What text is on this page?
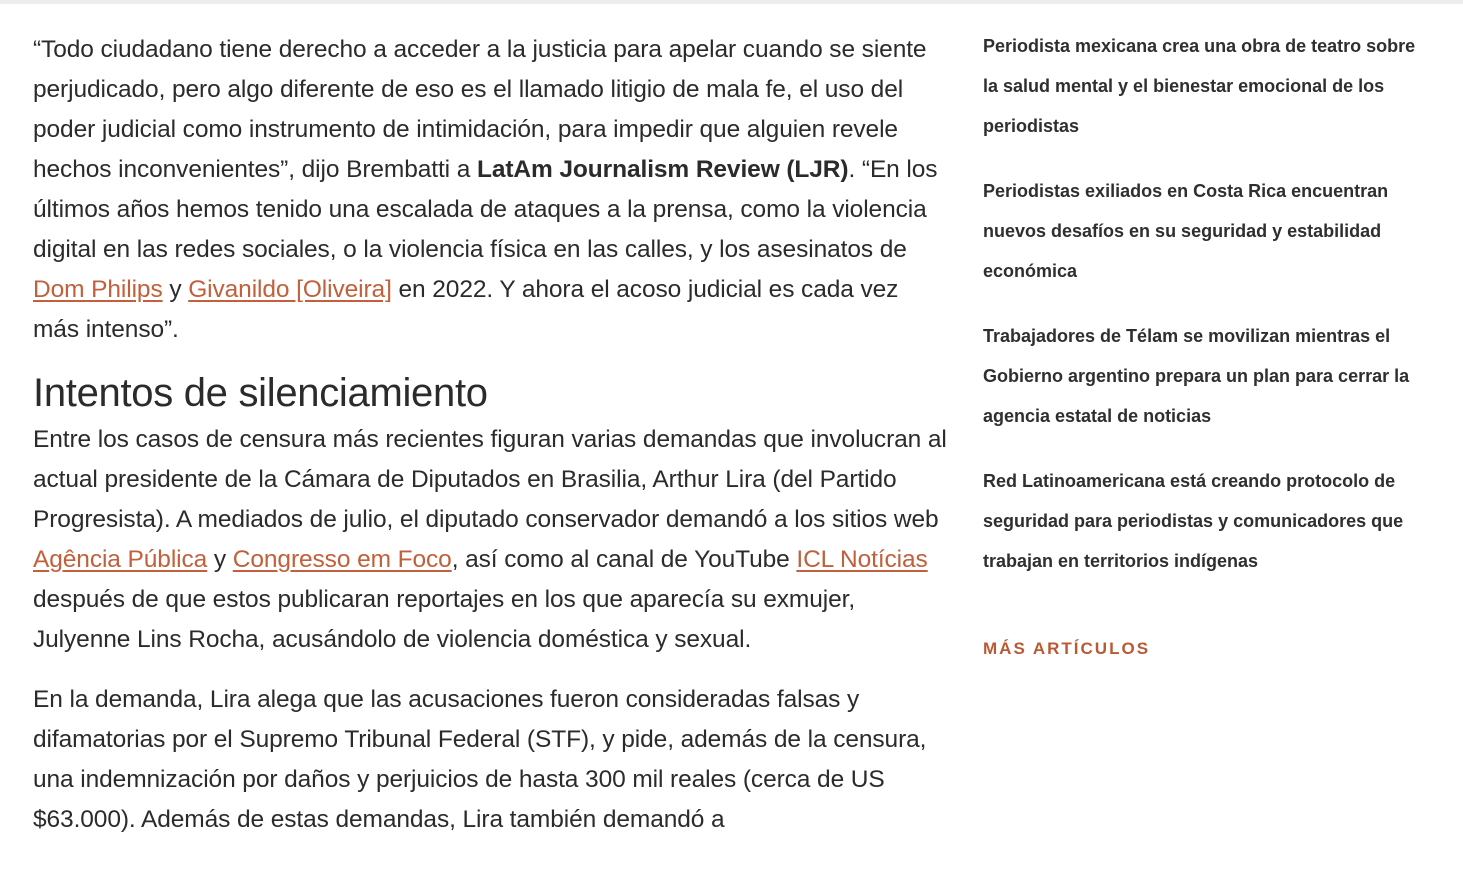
“Todo ciudadano tiene derecho a acceder a la justicia para apelar cuando se siente perjudicado, pero algo diferente de eso es el llamado litigio de mala fe, el uso del poder judicial como instrumento de intimidación, para impedir que alguien revele hechos inconvenientes”, dijo Brembatti a LatAm Journalism Review (LJR). “En los últimos años hemos tenido una escalada de ataques a la prensa, como la violencia digital en las redes sociales, o la violencia física en las calles, y los asesinatos de Dom Philips y Givanildo [Oliveira] en 2022. Y ahora el acoso judicial es cada vez más intenso”.

Intentos de silenciamiento

Entre los casos de censura más recientes figuran varias demandas que involucran al actual presidente de la Cámara de Diputados en Brasilia, Arthur Lira (del Partido Progresista). A mediados de julio, el diputado conservador demandó a los sitios web Agência Pública y Congresso em Foco, así como al canal de YouTube ICL Notícias después de que estos publicaran reportajes en los que aparecía su exmujer, Julyenne Lins Rocha, acusándolo de violencia doméstica y sexual.

En la demanda, Lira alega que las acusaciones fueron consideradas falsas y difamatorias por el Supremo Tribunal Federal (STF), y pide, además de la censura, una indemnización por daños y perjuicios de hasta 300 mil reales (cerca de US $63.000). Además de estas demandas, Lira también demandó a

Periodista mexicana crea una obra de teatro sobre la salud mental y el bienestar emocional de los periodistas
Periodistas exiliados en Costa Rica encuentran nuevos desafíos en su seguridad y estabilidad económica
Trabajadores de Télam se movilizan mientras el Gobierno argentino prepara un plan para cerrar la agencia estatal de noticias
Red Latinoamericana está creando protocolo de seguridad para periodistas y comunicadores que trabajan en territorios indígenas
MÁS ARTÍCULOS
